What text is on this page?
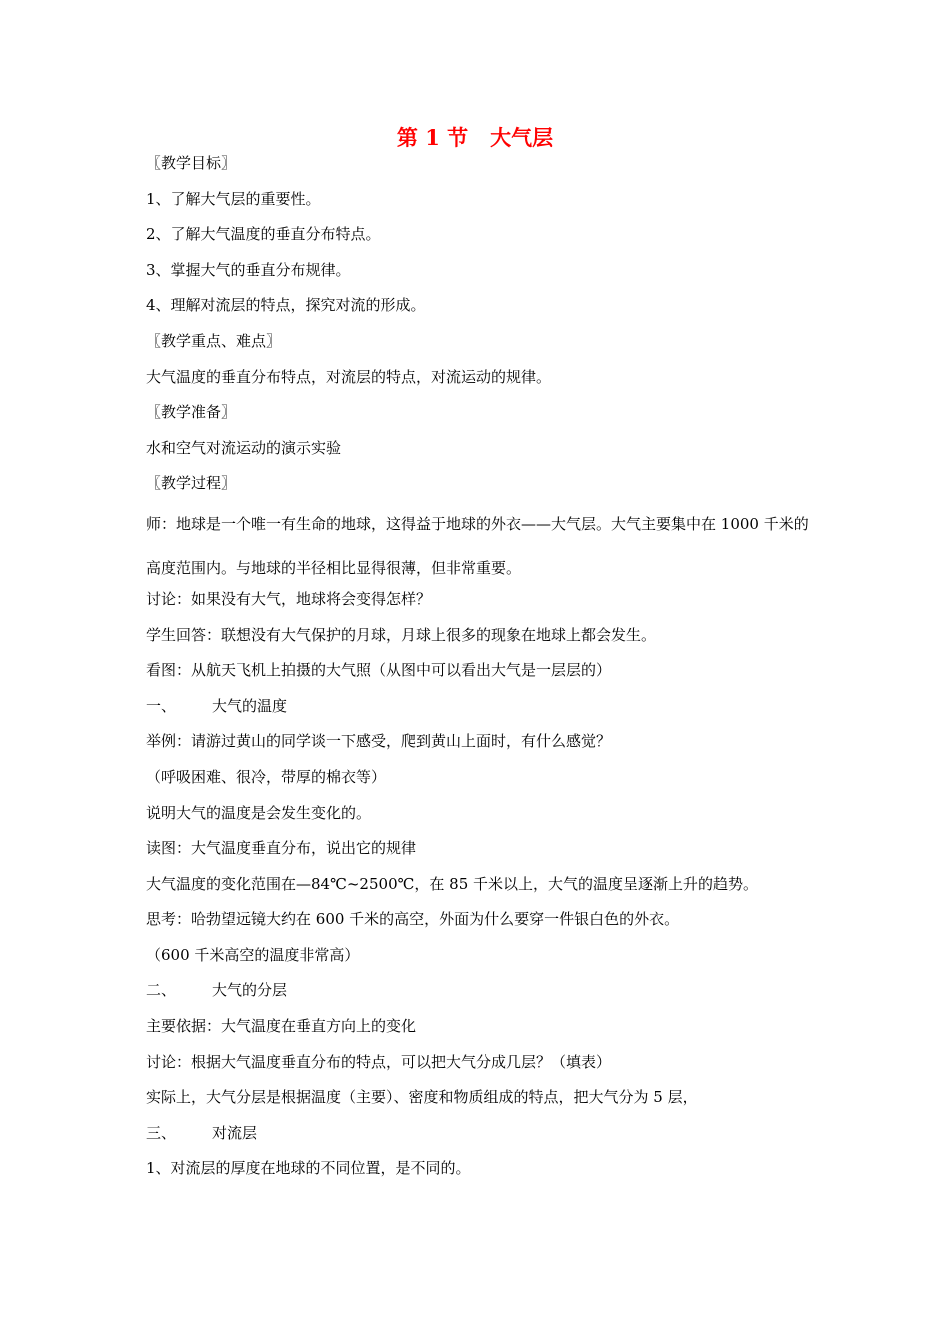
第 1 节   大气层
〖教学目标〗
1、了解大气层的重要性。
2、了解大气温度的垂直分布特点。
3、掌握大气的垂直分布规律。
4、理解对流层的特点，探究对流的形成。
〖教学重点、难点〗
大气温度的垂直分布特点，对流层的特点，对流运动的规律。
〖教学准备〗
水和空气对流运动的演示实验
〖教学过程〗
师：地球是一个唯一有生命的地球，这得益于地球的外衣——大气层。大气主要集中在 1000 千米的高度范围内。与地球的半径相比显得很薄，但非常重要。
讨论：如果没有大气，地球将会变得怎样？
学生回答：联想没有大气保护的月球，月球上很多的现象在地球上都会发生。
看图：从航天飞机上拍摄的大气照（从图中可以看出大气是一层层的）
一、 大气的温度
举例：请游过黄山的同学谈一下感受，爬到黄山上面时，有什么感觉？
（呼吸困难、很冷，带厚的棉衣等）
说明大气的温度是会发生变化的。
读图：大气温度垂直分布，说出它的规律
大气温度的变化范围在—84℃~2500℃，在 85 千米以上，大气的温度呈逐渐上升的趋势。
思考：哈勃望远镜大约在 600 千米的高空，外面为什么要穿一件银白色的外衣。
（600 千米高空的温度非常高）
二、 大气的分层
主要依据：大气温度在垂直方向上的变化
讨论：根据大气温度垂直分布的特点，可以把大气分成几层？（填表）
实际上，大气分层是根据温度（主要）、密度和物质组成的特点，把大气分为 5 层，
三、 对流层
1、对流层的厚度在地球的不同位置，是不同的。
